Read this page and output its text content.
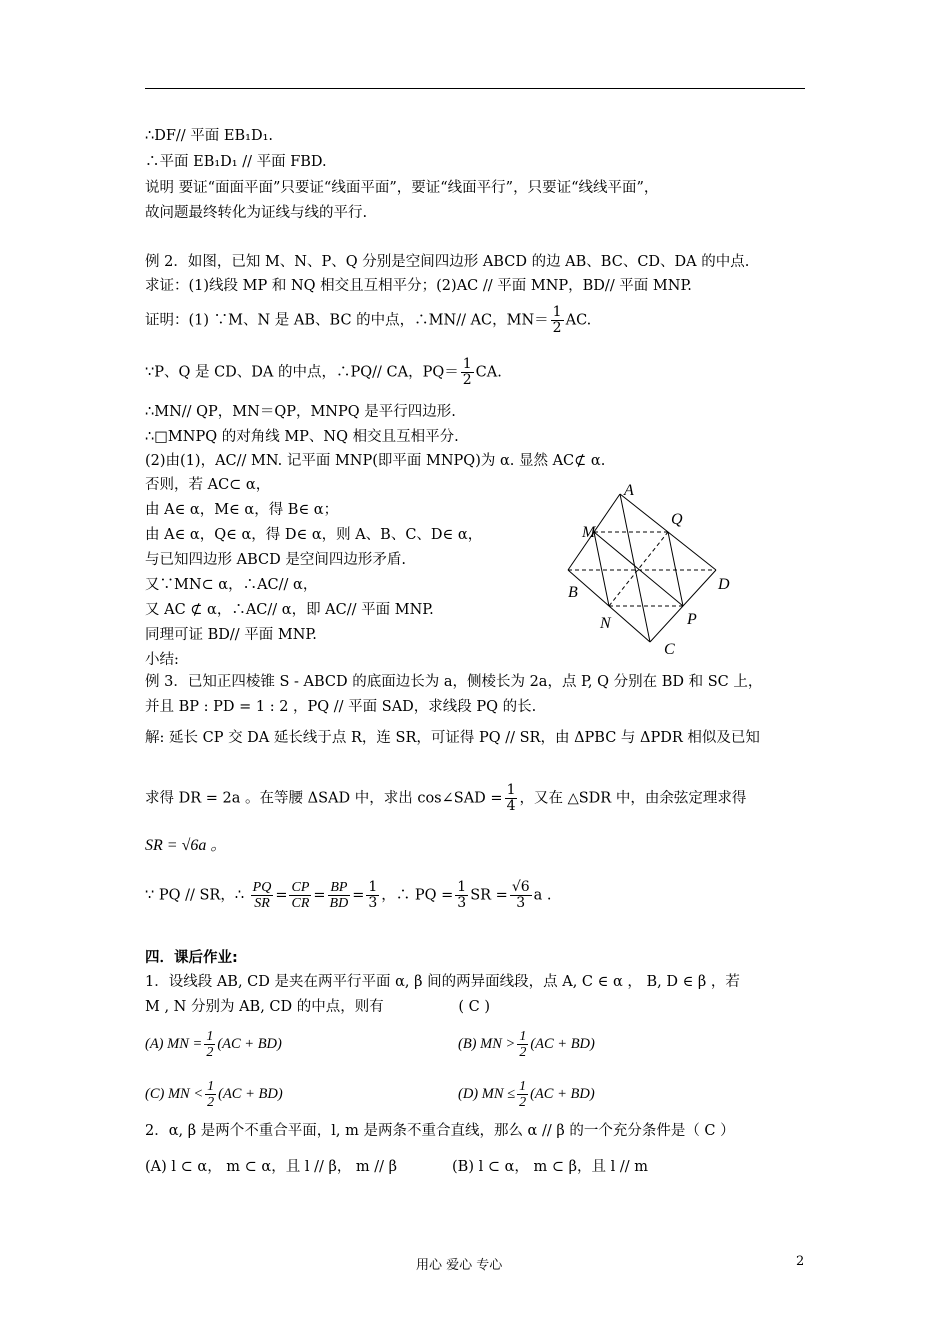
∴DF// 平面 EB₁D₁.
∴平面 EB₁D₁ // 平面 FBD.
说明 要证“面面平面”只要证“线面平面”，要证“线面平行”，只要证“线线平面”，
故问题最终转化为证线与线的平行.
例 2．如图，已知 M、N、P、Q 分别是空间四边形 ABCD 的边 AB、BC、CD、DA 的中点.
求证：(1)线段 MP 和 NQ 相交且互相平分；(2)AC // 平面 MNP，BD// 平面 MNP.
证明：(1) ∵M、N 是 AB、BC 的中点，∴MN// AC，$MN= \frac{1}{2}$ AC.
∵P、Q 是 CD、DA 的中点，∴PQ// CA，$PQ= \frac{1}{2}$ CA.
∴MN// QP，MN＝QP，MNPQ 是平行四边形.
∴□MNPQ 的对角线 MP、NQ 相交且互相平分.
(2)由(1)，AC// MN. 记平面 MNP(即平面 MNPQ)为 α. 显然 AC⊄ α.
否则，若 AC⊂ α，
由 A∈ α，M∈ α，得 B∈ α；
由 A∈ α，Q∈ α，得 D∈ α，则 A、B、C、D∈ α，
与已知四边形 ABCD 是空间四边形矛盾.
又∵MN⊂ α，∴AC// α，
又 AC ⊄ α，∴AC// α，即 AC// 平面 MNP.
同理可证 BD// 平面 MNP.
小结:
A
Q
M
D
B
P
N
C
例 3．已知正四棱锥 S - ABCD 的底面边长为 a，侧棱长为 2a，点 P, Q 分别在 BD 和 SC 上，
并且 BP : PD = 1 : 2 ，PQ // 平面 SAD，求线段 PQ 的长.
解: 延长 CP 交 DA 延长线于点 R，连 SR，可证得 PQ // SR，由 ΔPBC 与 ΔPDR 相似及已知
求得 DR = 2a 。在等腰 ΔSAD 中，求出 cos∠SAD = $\frac{1}{4}$ ，又在 △SDR 中，由余弦定理求得
SR = √6a 。
∵ PQ // SR，∴ $\frac{PQ}{SR} = \frac{CP}{CR} = \frac{BP}{BD} = \frac{1}{3}$ ，∴ PQ = $\frac{1}{3}$ SR = $\frac{√6}{3}$ a .
四．课后作业:
1．设线段 AB, CD 是夹在两平行平面 α, β 间的两异面线段，点 A, C ∈ α ， B, D ∈ β ，若
M , N 分别为 AB, CD 的中点，则有	( C )
(A) MN = $\frac{1}{2} (AC + BD)$	(B) MN > $\frac{1}{2} (AC + BD)$
(C) MN < $\frac{1}{2} (AC + BD)$	(D) MN ≤ $\frac{1}{2} (AC + BD)$
2．α, β 是两个不重合平面，l, m 是两条不重合直线，那么 α // β 的一个充分条件是（ C ）
(A) l ⊂ α， m ⊂ α，且 l // β， m // β	(B) l ⊂ α， m ⊂ β，且 l // m
用心 爱心 专心	2
